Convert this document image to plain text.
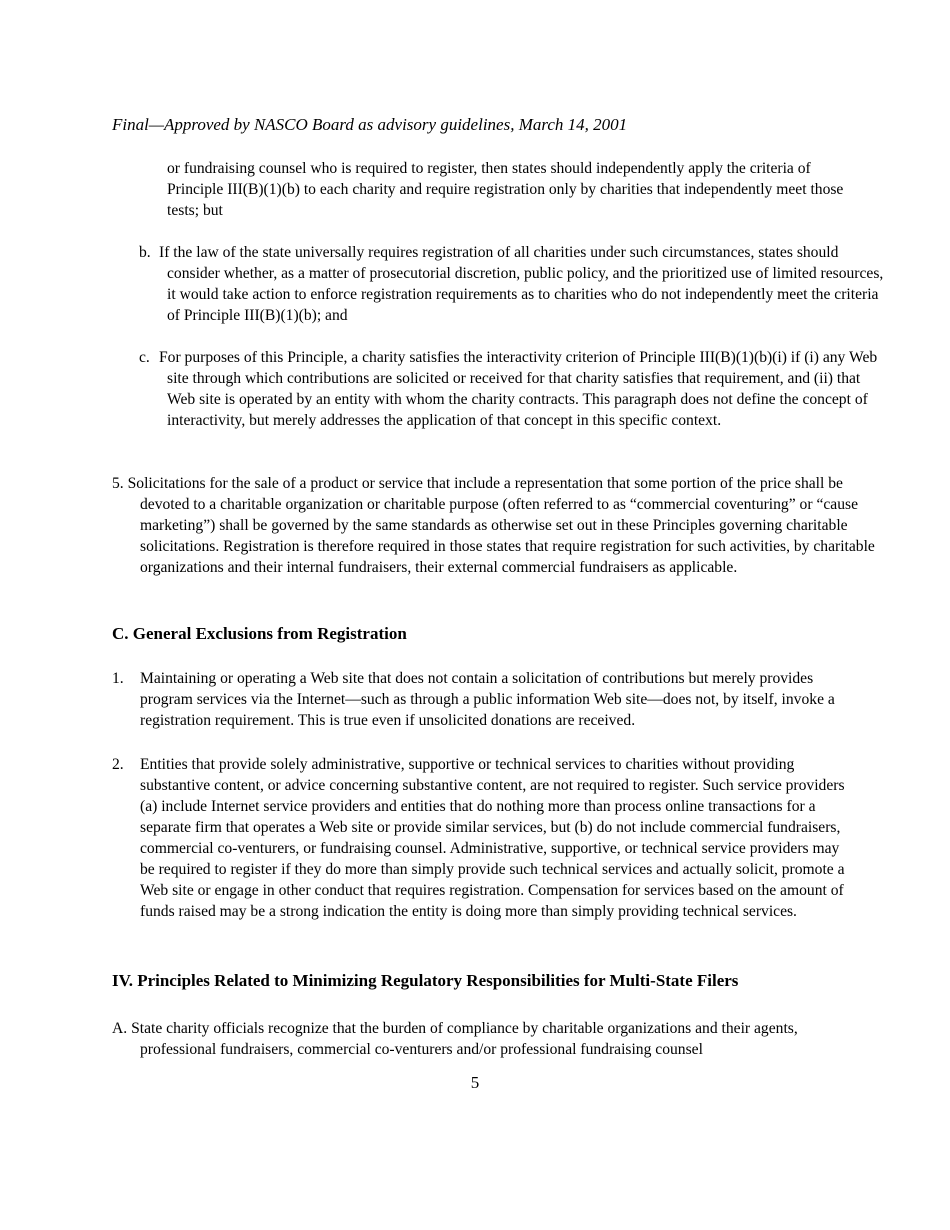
Final—Approved by NASCO Board as advisory guidelines, March 14, 2001

or fundraising counsel who is required to register, then states should independently apply the criteria of Principle III(B)(1)(b) to each charity and require registration only by charities that independently meet those tests; but

b. If the law of the state universally requires registration of all charities under such circumstances, states should consider whether, as a matter of prosecutorial discretion, public policy, and the prioritized use of limited resources, it would take action to enforce registration requirements as to charities who do not independently meet the criteria of Principle III(B)(1)(b); and

c. For purposes of this Principle, a charity satisfies the interactivity criterion of Principle III(B)(1)(b)(i) if (i) any Web site through which contributions are solicited or received for that charity satisfies that requirement, and (ii) that Web site is operated by an entity with whom the charity contracts. This paragraph does not define the concept of interactivity, but merely addresses the application of that concept in this specific context.

5. Solicitations for the sale of a product or service that include a representation that some portion of the price shall be devoted to a charitable organization or charitable purpose (often referred to as “commercial coventuring” or “cause marketing”) shall be governed by the same standards as otherwise set out in these Principles governing charitable solicitations. Registration is therefore required in those states that require registration for such activities, by charitable organizations and their internal fundraisers, their external commercial fundraisers as applicable.

C. General Exclusions from Registration
1. Maintaining or operating a Web site that does not contain a solicitation of contributions but merely provides program services via the Internet—such as through a public information Web site—does not, by itself, invoke a registration requirement. This is true even if unsolicited donations are received.
2. Entities that provide solely administrative, supportive or technical services to charities without providing substantive content, or advice concerning substantive content, are not required to register. Such service providers (a) include Internet service providers and entities that do nothing more than process online transactions for a separate firm that operates a Web site or provide similar services, but (b) do not include commercial fundraisers, commercial co-venturers, or fundraising counsel. Administrative, supportive, or technical service providers may be required to register if they do more than simply provide such technical services and actually solicit, promote a Web site or engage in other conduct that requires registration. Compensation for services based on the amount of funds raised may be a strong indication the entity is doing more than simply providing technical services.
IV. Principles Related to Minimizing Regulatory Responsibilities for Multi-State Filers

A. State charity officials recognize that the burden of compliance by charitable organizations and their agents, professional fundraisers, commercial co-venturers and/or professional fundraising counsel

5
